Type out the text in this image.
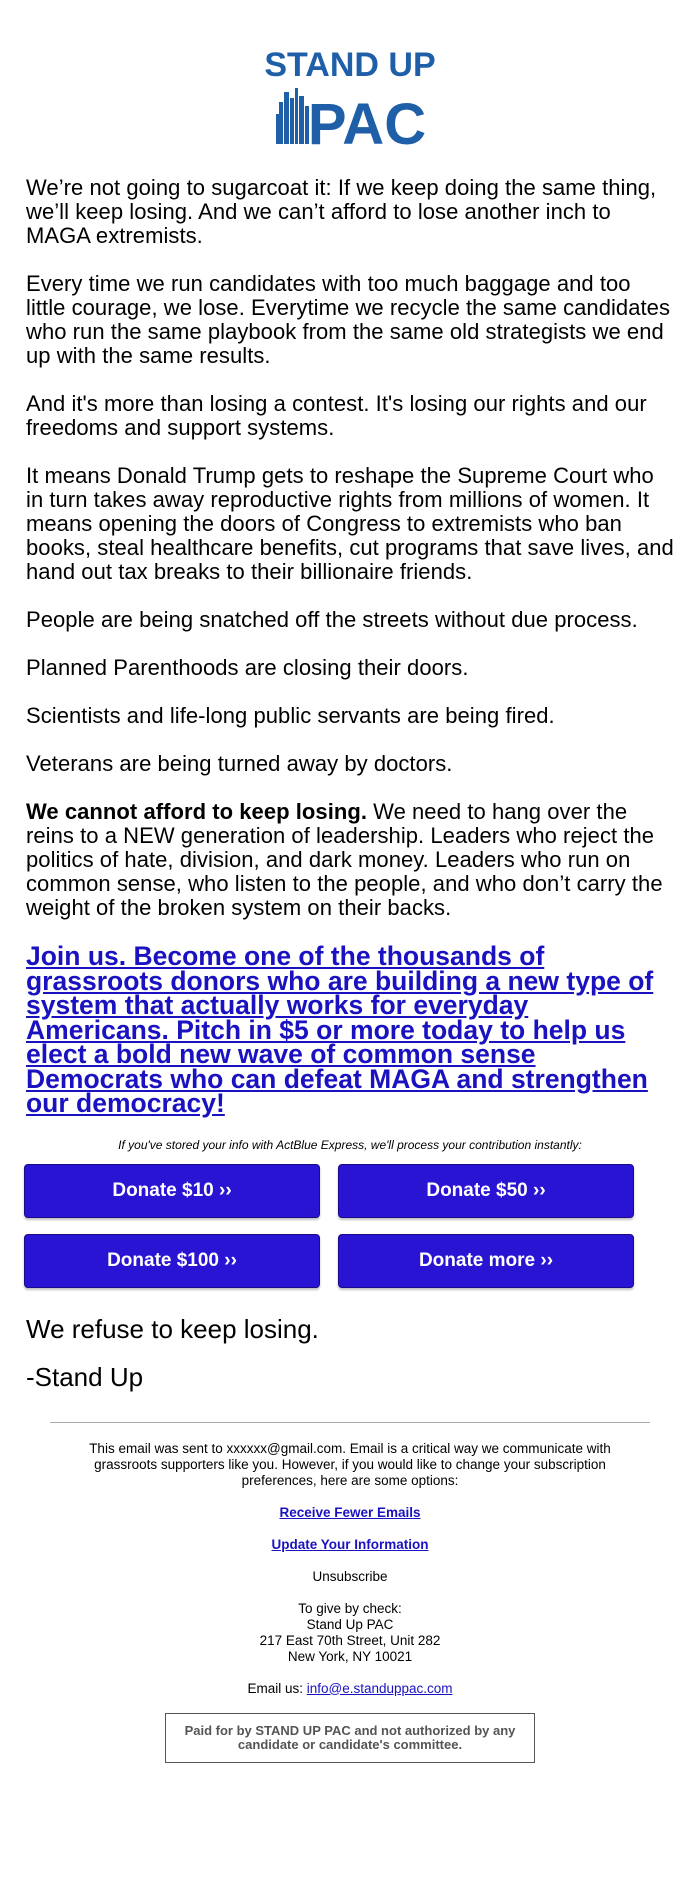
STAND UP
PAC

We’re not going to sugarcoat it: If we keep doing the same thing, we’ll keep losing. And we can’t afford to lose another inch to MAGA extremists.

Every time we run candidates with too much baggage and too little courage, we lose. Everytime we recycle the same candidates who run the same playbook from the same old strategists we end up with the same results.

And it's more than losing a contest. It's losing our rights and our freedoms and support systems.

It means Donald Trump gets to reshape the Supreme Court who in turn takes away reproductive rights from millions of women. It means opening the doors of Congress to extremists who ban books, steal healthcare benefits, cut programs that save lives, and hand out tax breaks to their billionaire friends.

People are being snatched off the streets without due process.

Planned Parenthoods are closing their doors.

Scientists and life-long public servants are being fired.

Veterans are being turned away by doctors.

We cannot afford to keep losing. We need to hang over the reins to a NEW generation of leadership. Leaders who reject the politics of hate, division, and dark money. Leaders who run on common sense, who listen to the people, and who don’t carry the weight of the broken system on their backs.

Join us. Become one of the thousands of grassroots donors who are building a new type of system that actually works for everyday Americans. Pitch in $5 or more today to help us elect a bold new wave of common sense Democrats who can defeat MAGA and strengthen our democracy!
If you've stored your info with ActBlue Express, we'll process your contribution instantly:
Donate $10 ››	Donate $50 ››
Donate $100 ››	Donate more ››
We refuse to keep losing.
-Stand Up
This email was sent to xxxxxx@gmail.com. Email is a critical way we communicate with grassroots supporters like you. However, if you would like to change your subscription preferences, here are some options:
Receive Fewer Emails
Update Your Information
Unsubscribe
To give by check:
Stand Up PAC
217 East 70th Street, Unit 282
New York, NY 10021
Email us: info@e.standuppac.com
Paid for by STAND UP PAC and not authorized by any candidate or candidate's committee.
